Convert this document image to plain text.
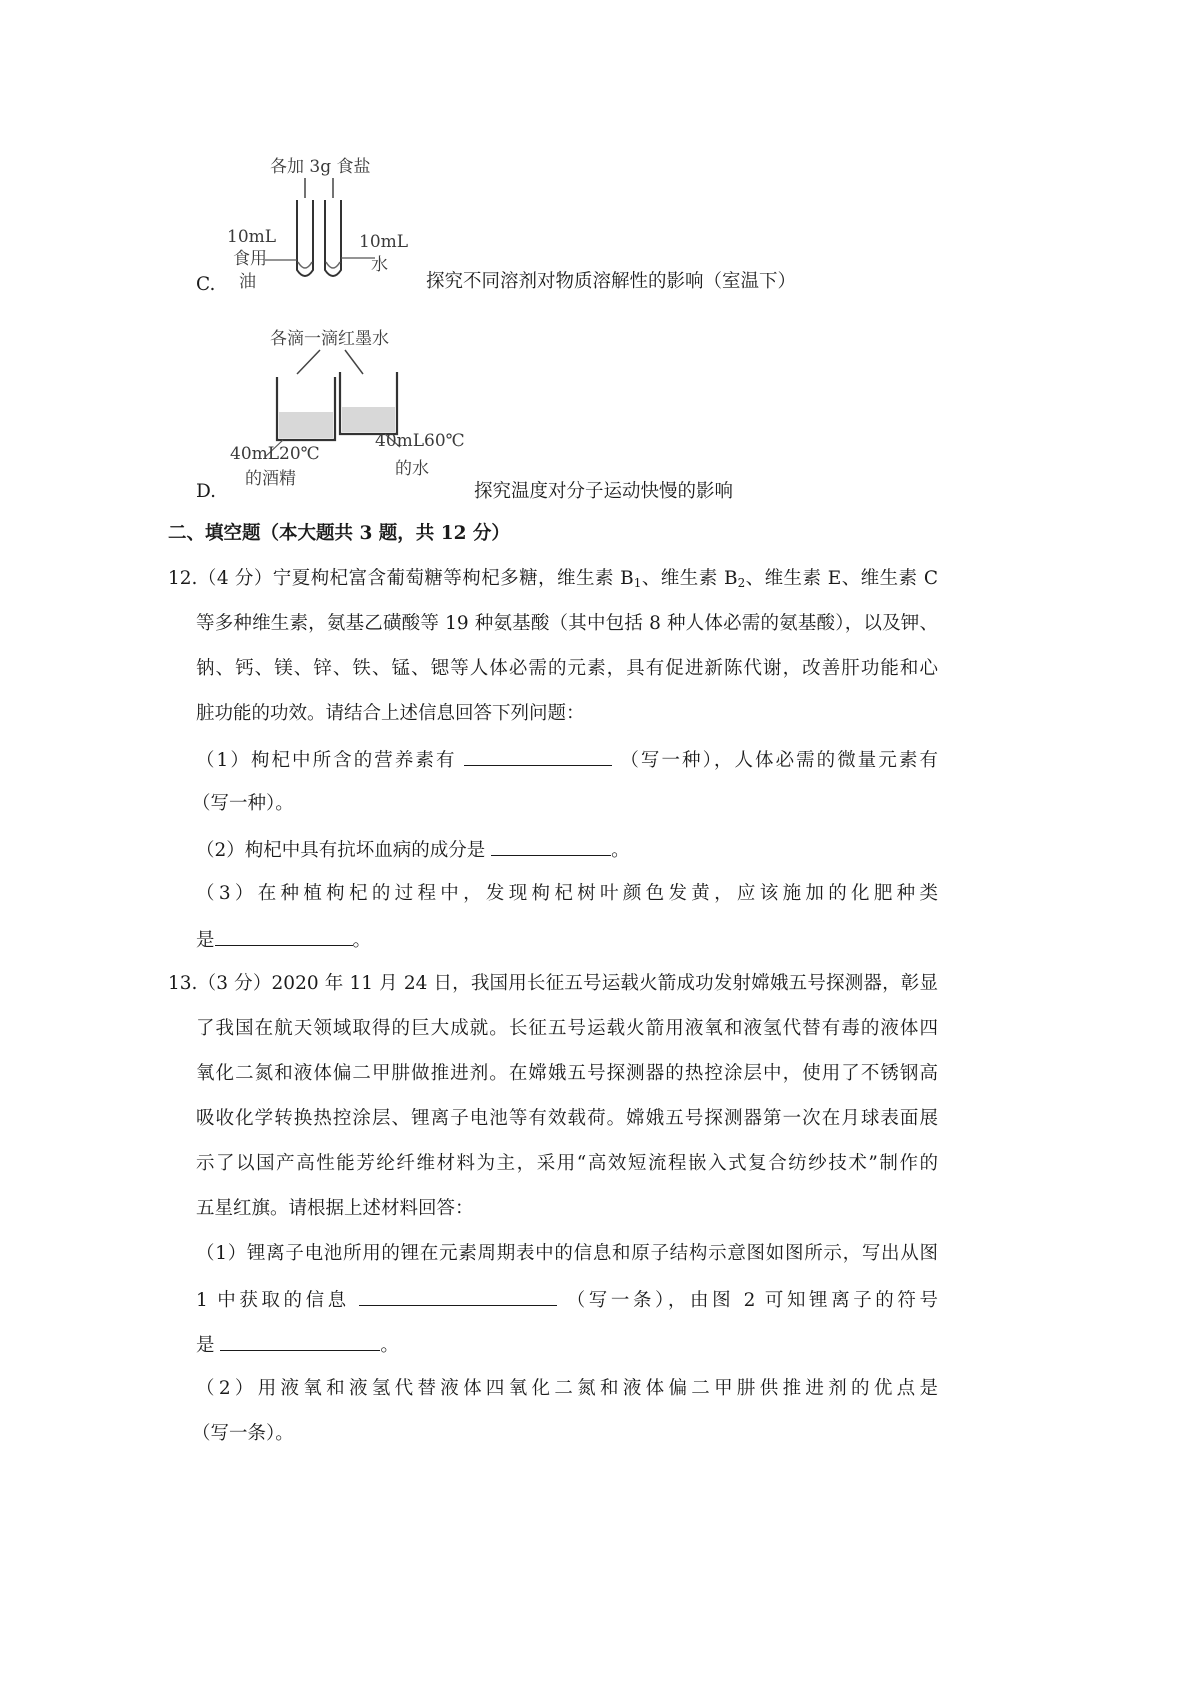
各加 3g 食盐
10mL
食用
油
10mL
水
C.	探究不同溶剂对物质溶解性的影响（室温下）
各滴一滴红墨水
40mL20℃
的酒精
40mL60℃
的水
D.	探究温度对分子运动快慢的影响
二、填空题（本大题共 3 题，共 12 分）
12.（4 分）宁夏枸杞富含葡萄糖等枸杞多糖，维生素 $B_1$、维生素 $B_2$、维生素 E、维生素 C
等多种维生素，氨基乙磺酸等 19 种氨基酸（其中包括 8 种人体必需的氨基酸），以及钾、
钠、钙、镁、锌、铁、锰、锶等人体必需的元素，具有促进新陈代谢，改善肝功能和心
脏功能的功效。请结合上述信息回答下列问题：
（1）枸杞中所含的营养素有	（写一种），人体必需的微量元素有
（写一种）。
（2）枸杞中具有抗坏血病的成分是	。
（3）在种植枸杞的过程中，发现枸杞树叶颜色发黄，应该施加的化肥种类
是	。
13.（3 分）2020 年 11 月 24 日，我国用长征五号运载火箭成功发射嫦娥五号探测器，彰显
了我国在航天领域取得的巨大成就。长征五号运载火箭用液氧和液氢代替有毒的液体四
氧化二氮和液体偏二甲肼做推进剂。在嫦娥五号探测器的热控涂层中，使用了不锈钢高
吸收化学转换热控涂层、锂离子电池等有效载荷。嫦娥五号探测器第一次在月球表面展
示了以国产高性能芳纶纤维材料为主，采用“高效短流程嵌入式复合纺纱技术”制作的
五星红旗。请根据上述材料回答：
（1）锂离子电池所用的锂在元素周期表中的信息和原子结构示意图如图所示，写出从图
1 中获取的信息	（写一条），由图 2 可知锂离子的符号
是	。
（2）用液氧和液氢代替液体四氧化二氮和液体偏二甲肼供推进剂的优点是
（写一条）。
